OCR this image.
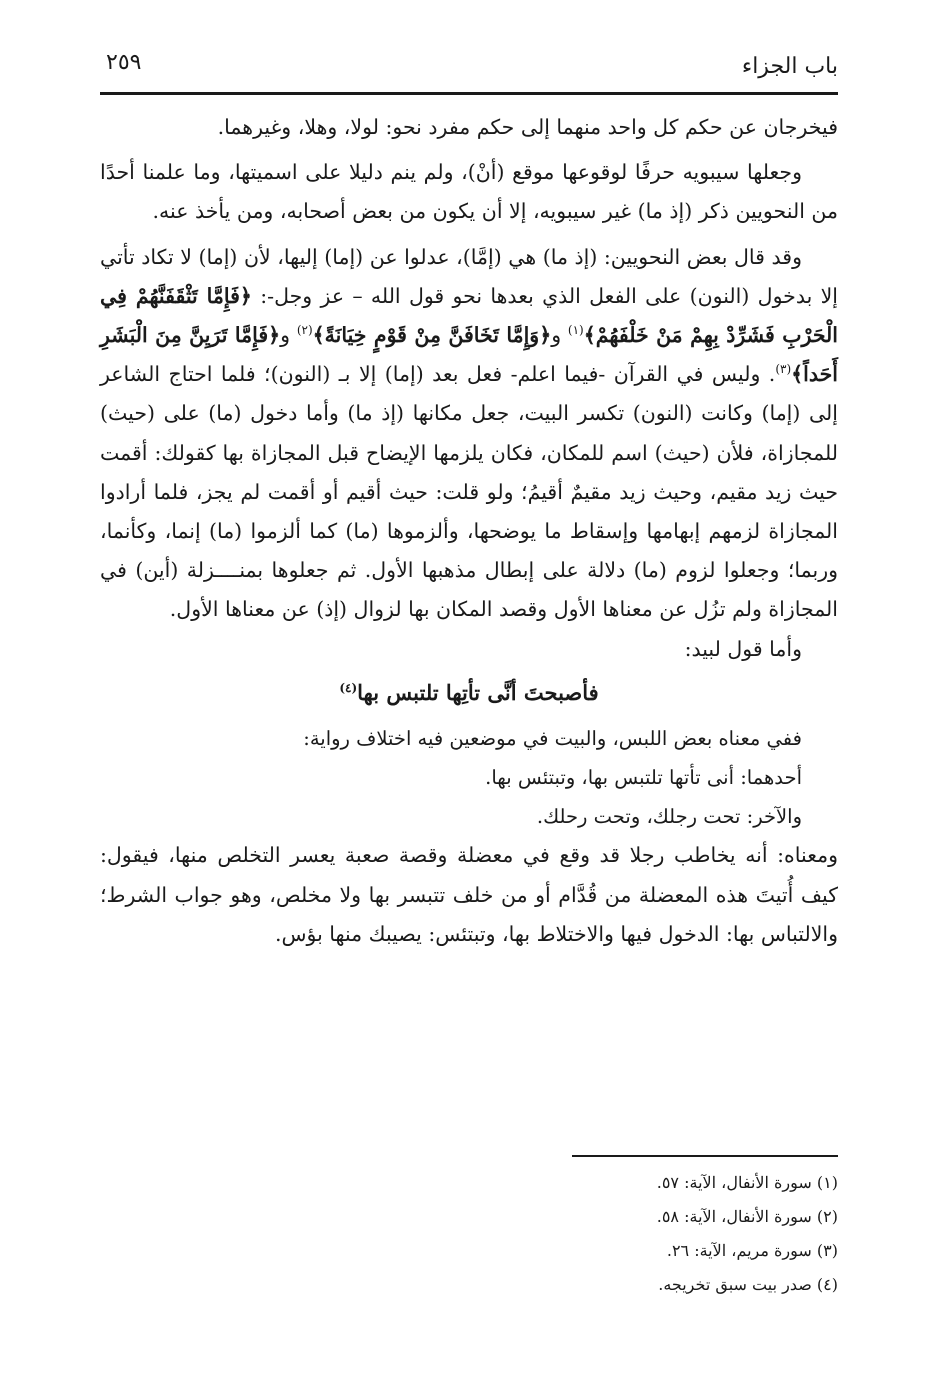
باب الجزاء
٢٥٩

فيخرجان عن حكم كل واحد منهما إلى حكم مفرد نحو: لولا، وهلا، وغيرهما.

وجعلها سيبويه حرفًا لوقوعها موقع (أنْ)، ولم ينم دليلا على اسميتها، وما علمنا أحدًا من النحويين ذكر (إذ ما) غير سيبويه، إلا أن يكون من بعض أصحابه، ومن يأخذ عنه.

وقد قال بعض النحويين: (إذ ما) هي (إمَّا)، عدلوا عن (إما) إليها، لأن (إما) لا تكاد تأتي إلا بدخول (النون) على الفعل الذي بعدها نحو قول الله – عز وجل-: ﴿فَإِمَّا تَثْقَفَنَّهُمْ فِي الْحَرْبِ فَشَرِّدْ بِهِمْ مَنْ خَلْفَهُمْ﴾$^{(١)}$ و﴿وَإِمَّا تَخَافَنَّ مِنْ قَوْمٍ خِيَانَةً﴾$^{(٢)}$ و﴿فَإِمَّا تَرَيِنَّ مِنَ الْبَشَرِ أَحَداً﴾$^{(٣)}$. وليس في القرآن -فيما اعلم- فعل بعد (إما) إلا بـ (النون)؛ فلما احتاج الشاعر إلى (إما) وكانت (النون) تكسر البيت، جعل مكانها (إذ ما) وأما دخول (ما) على (حيث) للمجازاة، فلأن (حيث) اسم للمكان، فكان يلزمها الإيضاح قبل المجازاة بها كقولك: أقمت حيث زيد مقيم، وحيث زيد مقيمٌ أقيمُ؛ ولو قلت: حيث أقيم أو أقمت لم يجز، فلما أرادوا المجازاة لزمهم إبهامها وإسقاط ما يوضحها، وألزموها (ما) كما ألزموا (ما) إنما، وكأنما، وربما؛ وجعلوا لزوم (ما) دلالة على إبطال مذهبها الأول. ثم جعلوها بمنــــزلة (أين) في المجازاة ولم تزُل عن معناها الأول وقصد المكان بها لزوال (إذ) عن معناها الأول.

وأما قول لبيد:

فأصبحتَ أنَّى تأتِها تلتبس بها$^{(٤)}$

ففي معناه بعض اللبس، والبيت في موضعين فيه اختلاف رواية:

أحدهما: أنى تأتها تلتبس بها، وتبتئس بها.

والآخر: تحت رجلك، وتحت رحلك.

ومعناه: أنه يخاطب رجلا قد وقع في معضلة وقصة صعبة يعسر التخلص منها، فيقول: كيف أُتيتَ هذه المعضلة من قُدَّام أو من خلف تتبسر بها ولا مخلص، وهو جواب الشرط؛ والالتباس بها: الدخول فيها والاختلاط بها، وتبتئس: يصيبك منها بؤس.

(١) سورة الأنفال، الآية: ٥٧.

(٢) سورة الأنفال، الآية: ٥٨.

(٣) سورة مريم، الآية: ٢٦.

(٤) صدر بيت سبق تخريجه.
